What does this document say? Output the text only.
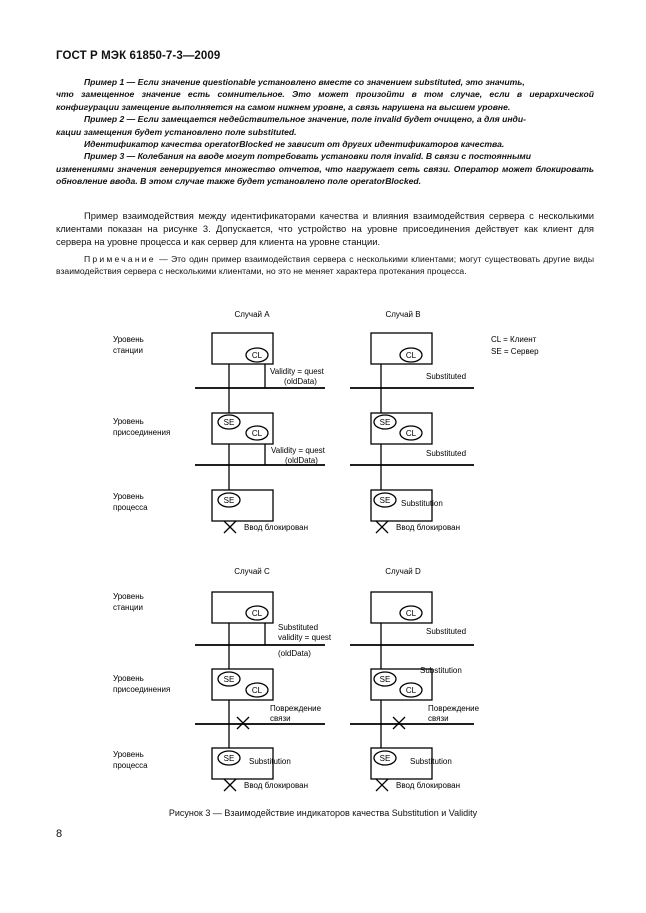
ГОСТ Р МЭК 61850-7-3—2009

Пример 1 — Если значение questionable установлено вместе со значением substituted, это значить,
что замещенное значение есть сомнительное. Это может произойти в том случае, если в иерархической конфигурации замещение выполняется на самом нижнем уровне, а связь нарушена на высшем уровне.

Пример 2 — Если замещается недействительное значение, поле invalid будет очищено, а для инди-
кации замещения будет установлено поле substituted.

Идентификатор качества operatorBlocked не зависит от других идентификаторов качества.

Пример 3 — Колебания на вводе могут потребовать установки поля invalid. В связи с постоянными
изменениями значения генерируется множество отчетов, что нагружает сеть связи. Оператор может блокировать обновление ввода. В этом случае также будет установлено поле operatorBlocked.

Пример взаимодействия между идентификаторами качества и влияния взаимодействия сервера с несколькими клиентами показан на рисунке 3. Допускается, что устройство на уровне присоединения действует как клиент для сервера на уровне процесса и как сервер для клиента на уровне станции.

Примечание — Это один пример взаимодействия сервера с несколькими клиентами; могут существовать другие виды взаимодействия сервера с несколькими клиентами, но это не меняет характера протекания процесса.

Случай А	Случай В
Случай С	Случай D
CL = Клиент
SE = Сервер
Уровень
станции
Уровень
присоединения
Уровень
процесса
Уровень
станции
Уровень
присоединения
Уровень
процесса
CL
SE
CL
SE
Validity = quest
(oldData)
Validity = quest
(oldData)
Ввод блокирован
CL
SE
CL
SE
Substituted
Substituted
Substitution
Ввод блокирован
CL
SE
CL
SE
Substituted
validity = quest
(oldData)
Повреждение
связи
Substitution
Ввод блокирован
CL
SE
CL
SE
Substituted
Substitution
Повреждение
связи
Substitution
Ввод блокирован
Рисунок 3 — Взаимодействие индикаторов качества Substitution и Validity
8
